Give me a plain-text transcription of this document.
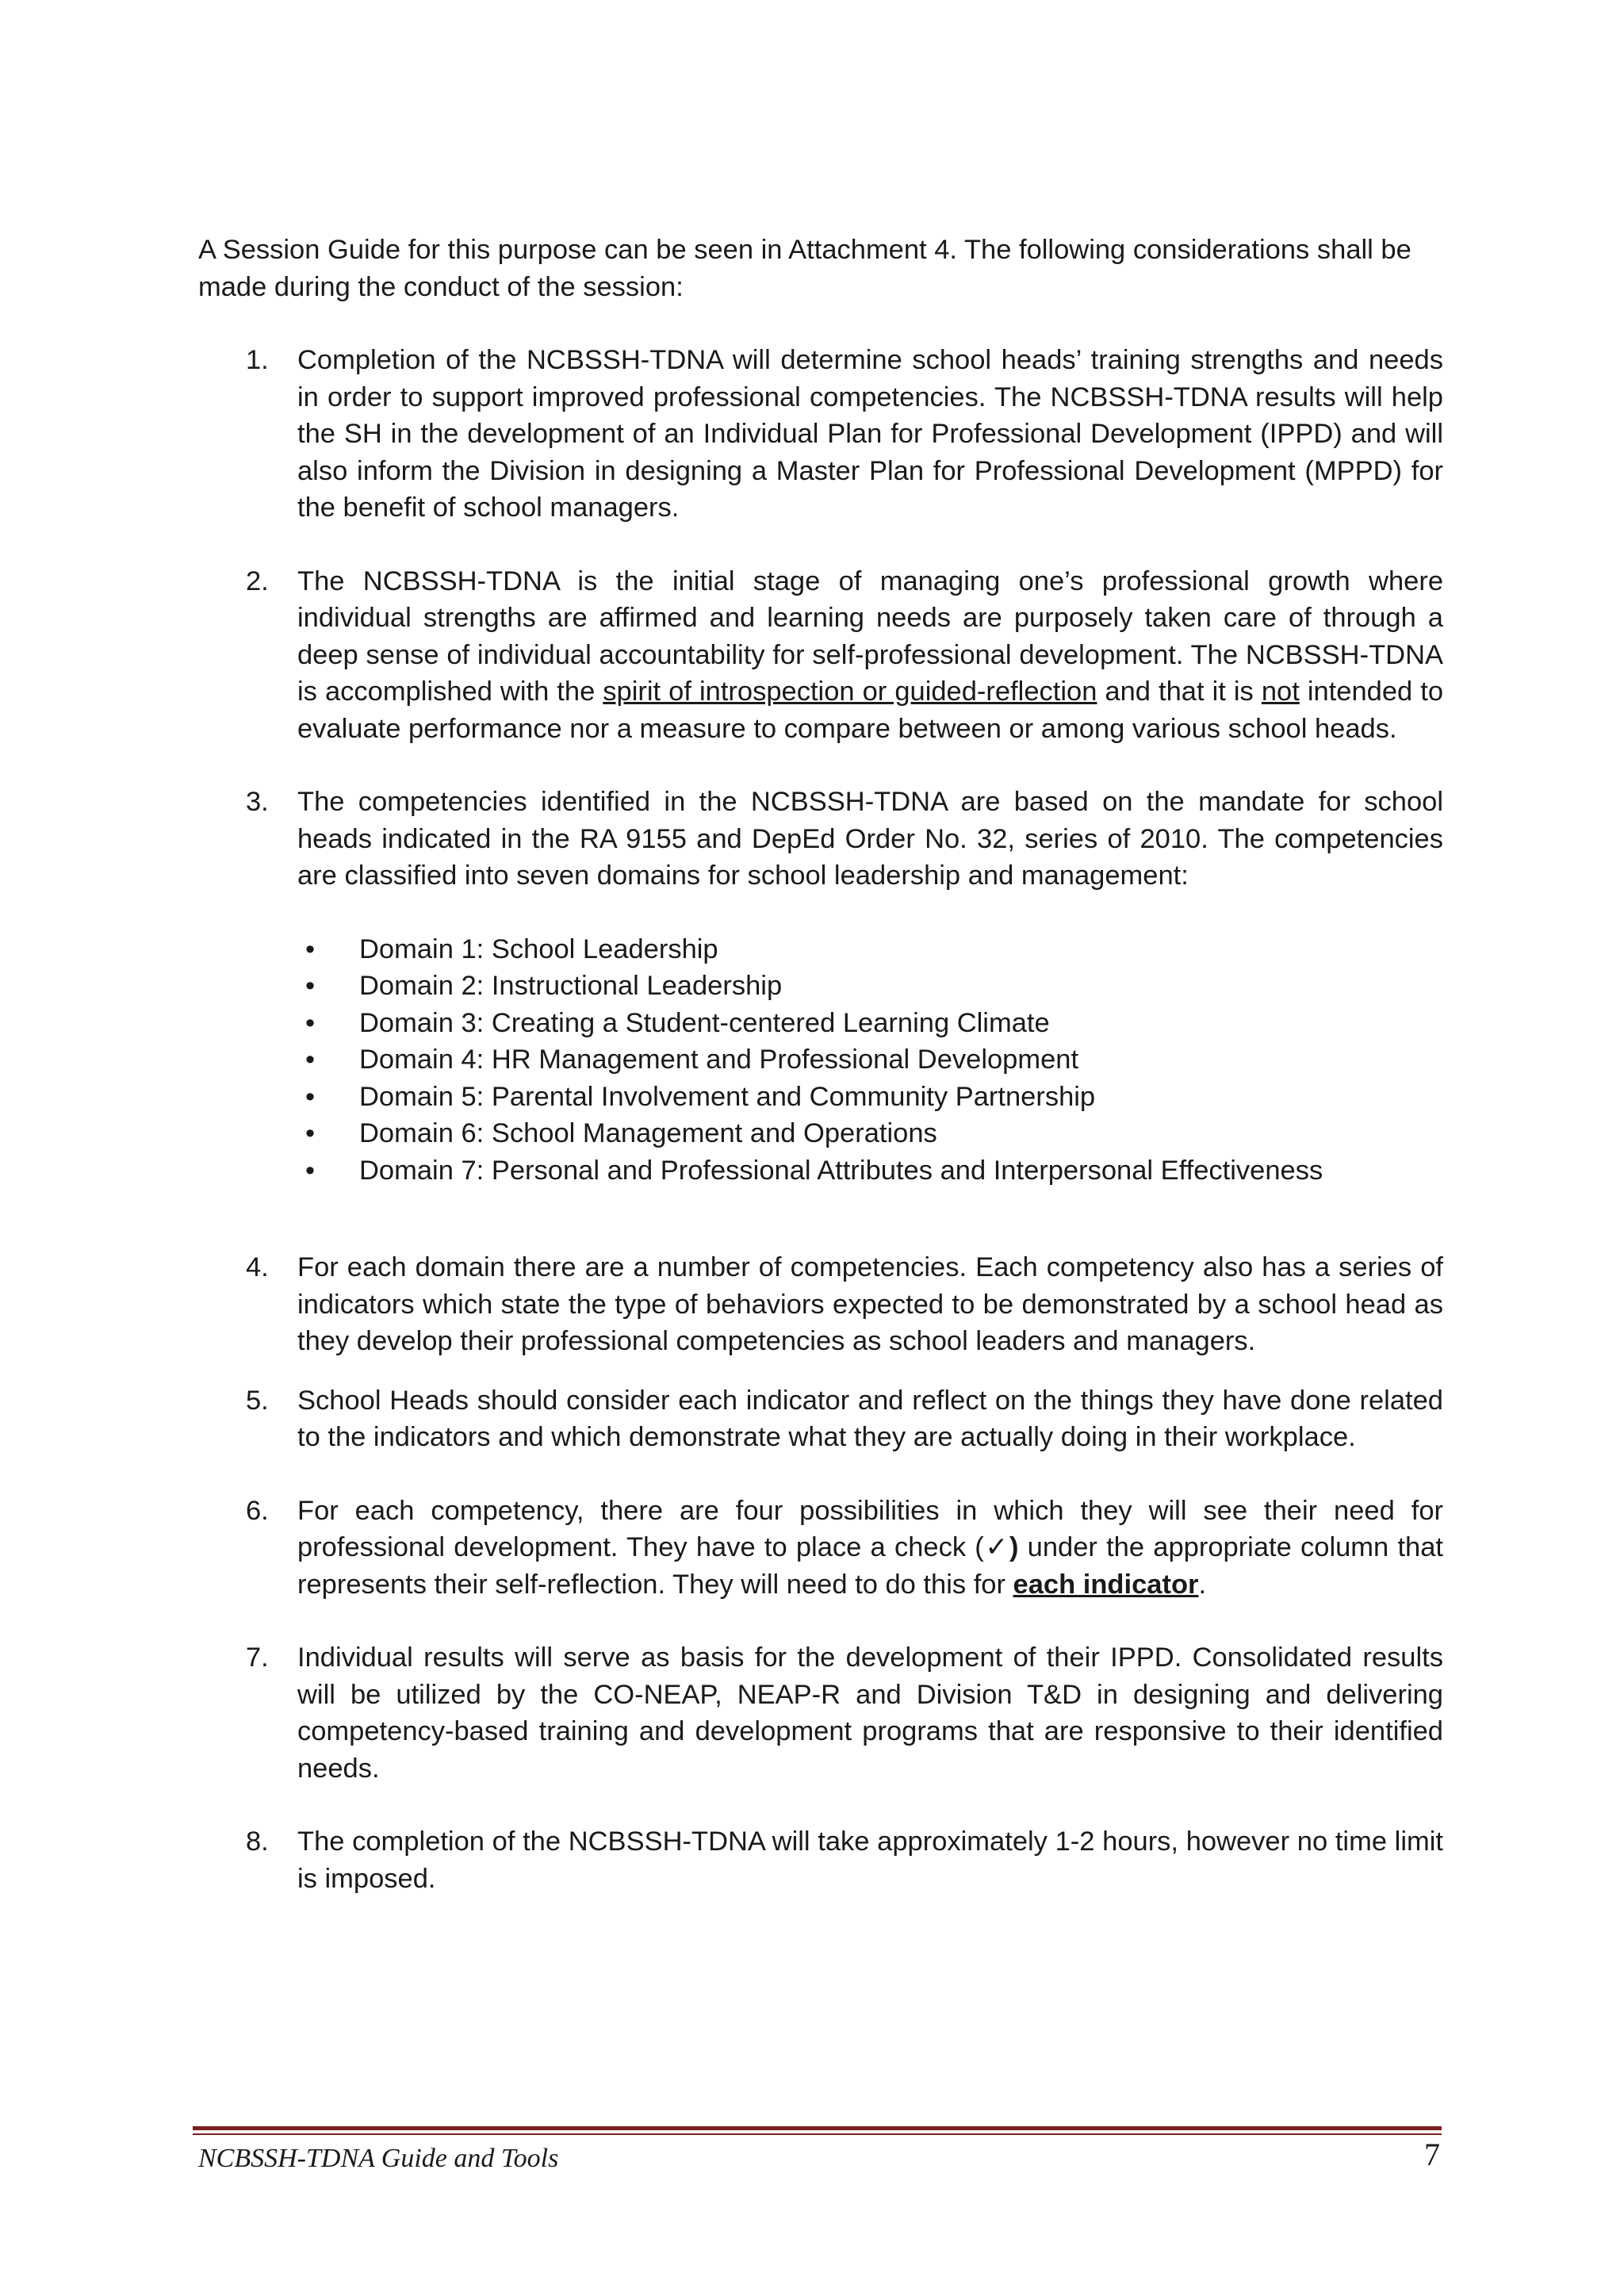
A Session Guide for this purpose can be seen in Attachment 4. The following considerations shall be made during the conduct of the session:

1. Completion of the NCBSSH-TDNA will determine school heads’ training strengths and needs in order to support improved professional competencies. The NCBSSH-TDNA results will help the SH in the development of an Individual Plan for Professional Development (IPPD) and will also inform the Division in designing a Master Plan for Professional Development (MPPD) for the benefit of school managers.
2. The NCBSSH-TDNA is the initial stage of managing one’s professional growth where individual strengths are affirmed and learning needs are purposely taken care of through a deep sense of individual accountability for self-professional development. The NCBSSH-TDNA is accomplished with the spirit of introspection or guided-reflection and that it is not intended to evaluate performance nor a measure to compare between or among various school heads.
3. The competencies identified in the NCBSSH-TDNA are based on the mandate for school heads indicated in the RA 9155 and DepEd Order No. 32, series of 2010. The competencies are classified into seven domains for school leadership and management:
• Domain 1: School Leadership
• Domain 2: Instructional Leadership
• Domain 3: Creating a Student-centered Learning Climate
• Domain 4: HR Management and Professional Development
• Domain 5: Parental Involvement and Community Partnership
• Domain 6: School Management and Operations
• Domain 7: Personal and Professional Attributes and Interpersonal Effectiveness
4. For each domain there are a number of competencies. Each competency also has a series of indicators which state the type of behaviors expected to be demonstrated by a school head as they develop their professional competencies as school leaders and managers.
5. School Heads should consider each indicator and reflect on the things they have done related to the indicators and which demonstrate what they are actually doing in their workplace.
6. For each competency, there are four possibilities in which they will see their need for professional development. They have to place a check (✓) under the appropriate column that represents their self-reflection. They will need to do this for each indicator.
7. Individual results will serve as basis for the development of their IPPD. Consolidated results will be utilized by the CO-NEAP, NEAP-R and Division T&D in designing and delivering competency-based training and development programs that are responsive to their identified needs.
8. The completion of the NCBSSH-TDNA will take approximately 1-2 hours, however no time limit is imposed.
NCBSSH-TDNA Guide and Tools	7
